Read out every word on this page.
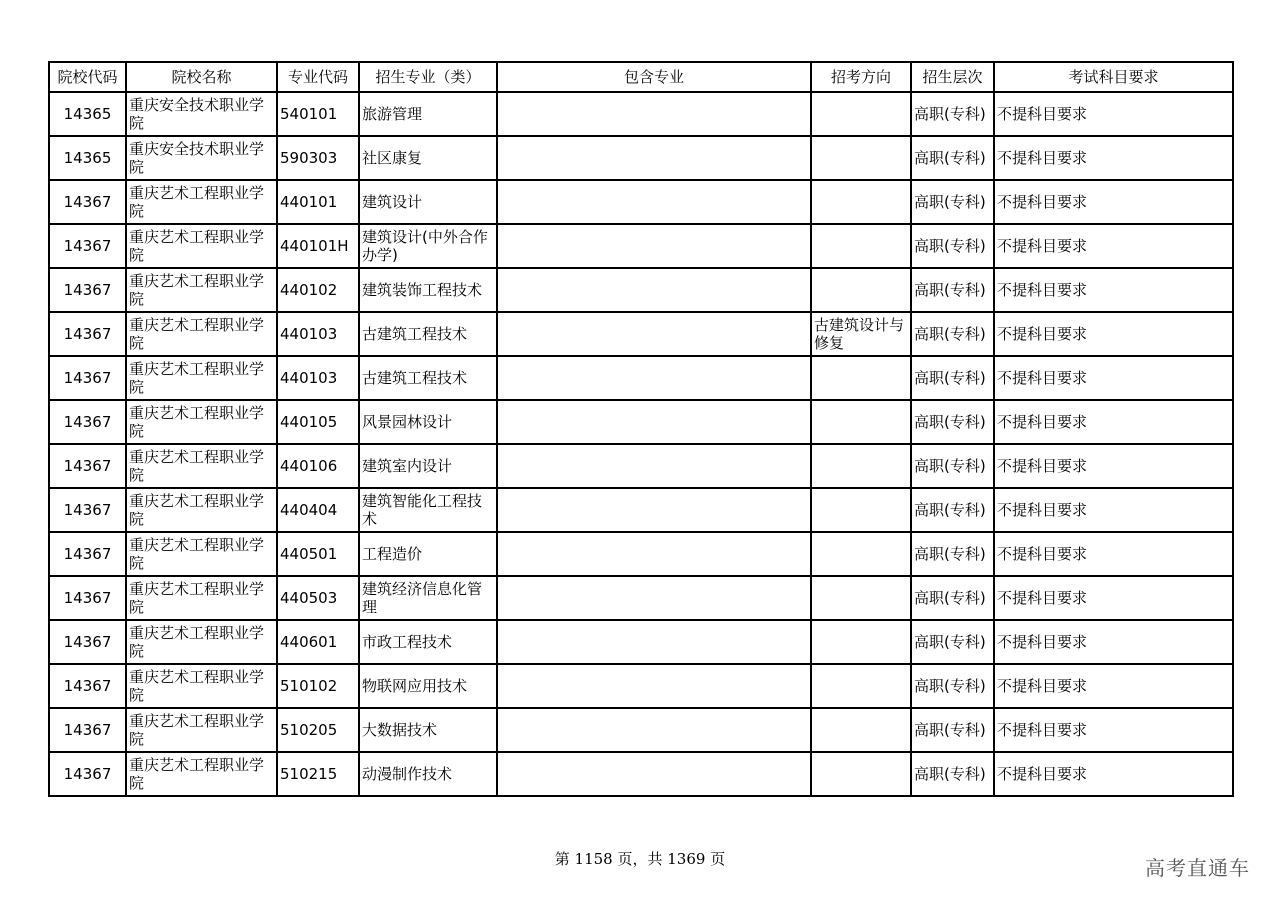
院校代码	院校名称	专业代码	招生专业（类）	包含专业	招考方向	招生层次	考试科目要求
14365	重庆安全技术职业学院	540101	旅游管理			高职(专科)	不提科目要求
14365	重庆安全技术职业学院	590303	社区康复			高职(专科)	不提科目要求
14367	重庆艺术工程职业学院	440101	建筑设计			高职(专科)	不提科目要求
14367	重庆艺术工程职业学院	440101H	建筑设计(中外合作办学)			高职(专科)	不提科目要求
14367	重庆艺术工程职业学院	440102	建筑装饰工程技术			高职(专科)	不提科目要求
14367	重庆艺术工程职业学院	440103	古建筑工程技术		古建筑设计与修复	高职(专科)	不提科目要求
14367	重庆艺术工程职业学院	440103	古建筑工程技术			高职(专科)	不提科目要求
14367	重庆艺术工程职业学院	440105	风景园林设计			高职(专科)	不提科目要求
14367	重庆艺术工程职业学院	440106	建筑室内设计			高职(专科)	不提科目要求
14367	重庆艺术工程职业学院	440404	建筑智能化工程技术			高职(专科)	不提科目要求
14367	重庆艺术工程职业学院	440501	工程造价			高职(专科)	不提科目要求
14367	重庆艺术工程职业学院	440503	建筑经济信息化管理			高职(专科)	不提科目要求
14367	重庆艺术工程职业学院	440601	市政工程技术			高职(专科)	不提科目要求
14367	重庆艺术工程职业学院	510102	物联网应用技术			高职(专科)	不提科目要求
14367	重庆艺术工程职业学院	510205	大数据技术			高职(专科)	不提科目要求
14367	重庆艺术工程职业学院	510215	动漫制作技术			高职(专科)	不提科目要求
第 1158 页，共 1369 页	高考直通车
